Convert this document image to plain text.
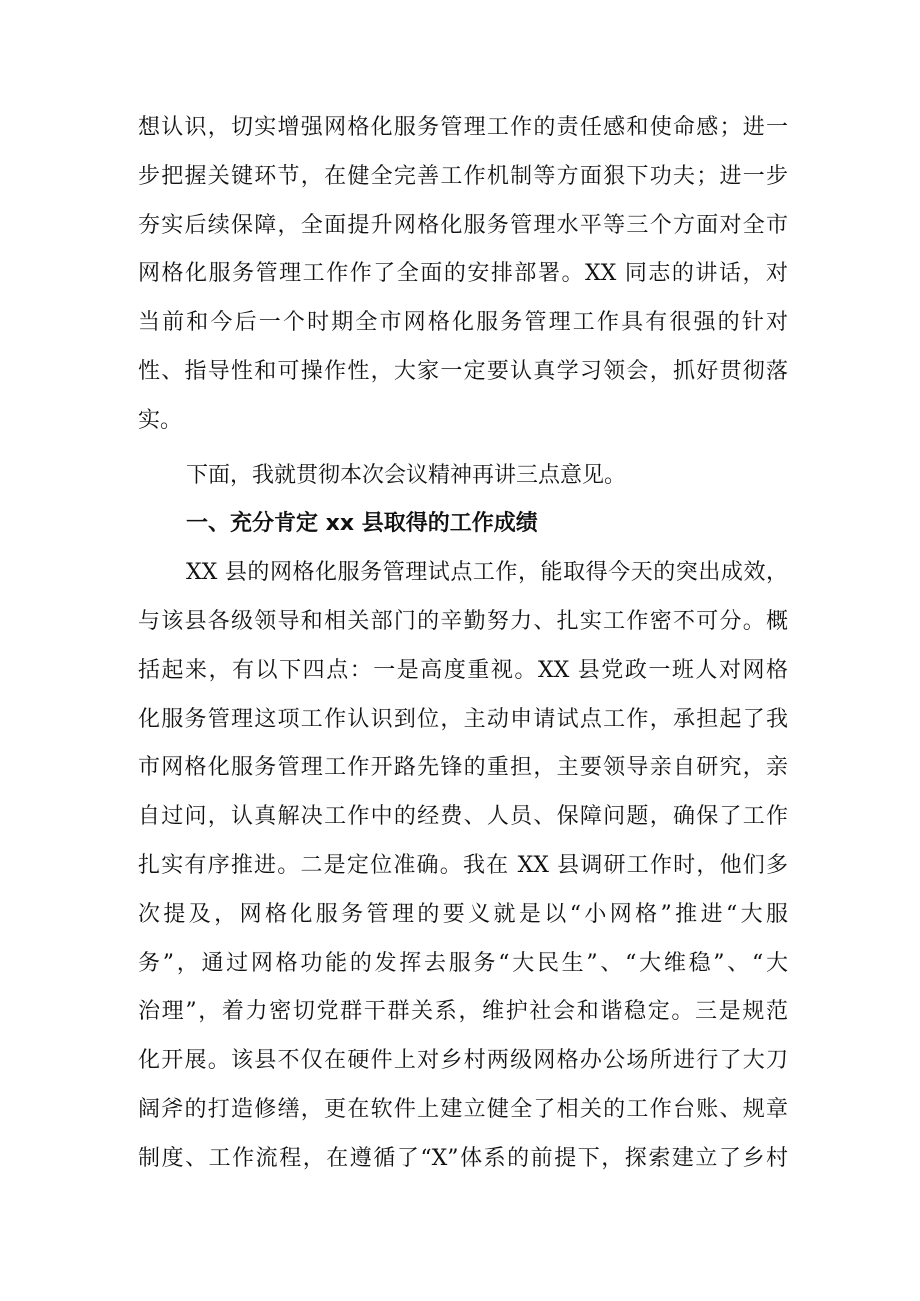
想认识，切实增强网格化服务管理工作的责任感和使命感；进一
步把握关键环节，在健全完善工作机制等方面狠下功夫；进一步
夯实后续保障，全面提升网格化服务管理水平等三个方面对全市
网格化服务管理工作作了全面的安排部署。XX 同志的讲话，对
当前和今后一个时期全市网格化服务管理工作具有很强的针对
性、指导性和可操作性，大家一定要认真学习领会，抓好贯彻落
实。
下面，我就贯彻本次会议精神再讲三点意见。
一、充分肯定 xx 县取得的工作成绩
XX 县的网格化服务管理试点工作，能取得今天的突出成效，
与该县各级领导和相关部门的辛勤努力、扎实工作密不可分。概
括起来，有以下四点：一是高度重视。XX 县党政一班人对网格
化服务管理这项工作认识到位，主动申请试点工作，承担起了我
市网格化服务管理工作开路先锋的重担，主要领导亲自研究，亲
自过问，认真解决工作中的经费、人员、保障问题，确保了工作
扎实有序推进。二是定位准确。我在 XX 县调研工作时，他们多
次提及，网格化服务管理的要义就是以“小网格”推进“大服
务”，通过网格功能的发挥去服务“大民生”、“大维稳”、“大
治理”，着力密切党群干群关系，维护社会和谐稳定。三是规范
化开展。该县不仅在硬件上对乡村两级网格办公场所进行了大刀
阔斧的打造修缮，更在软件上建立健全了相关的工作台账、规章
制度、工作流程，在遵循了“X”体系的前提下，探索建立了乡村
